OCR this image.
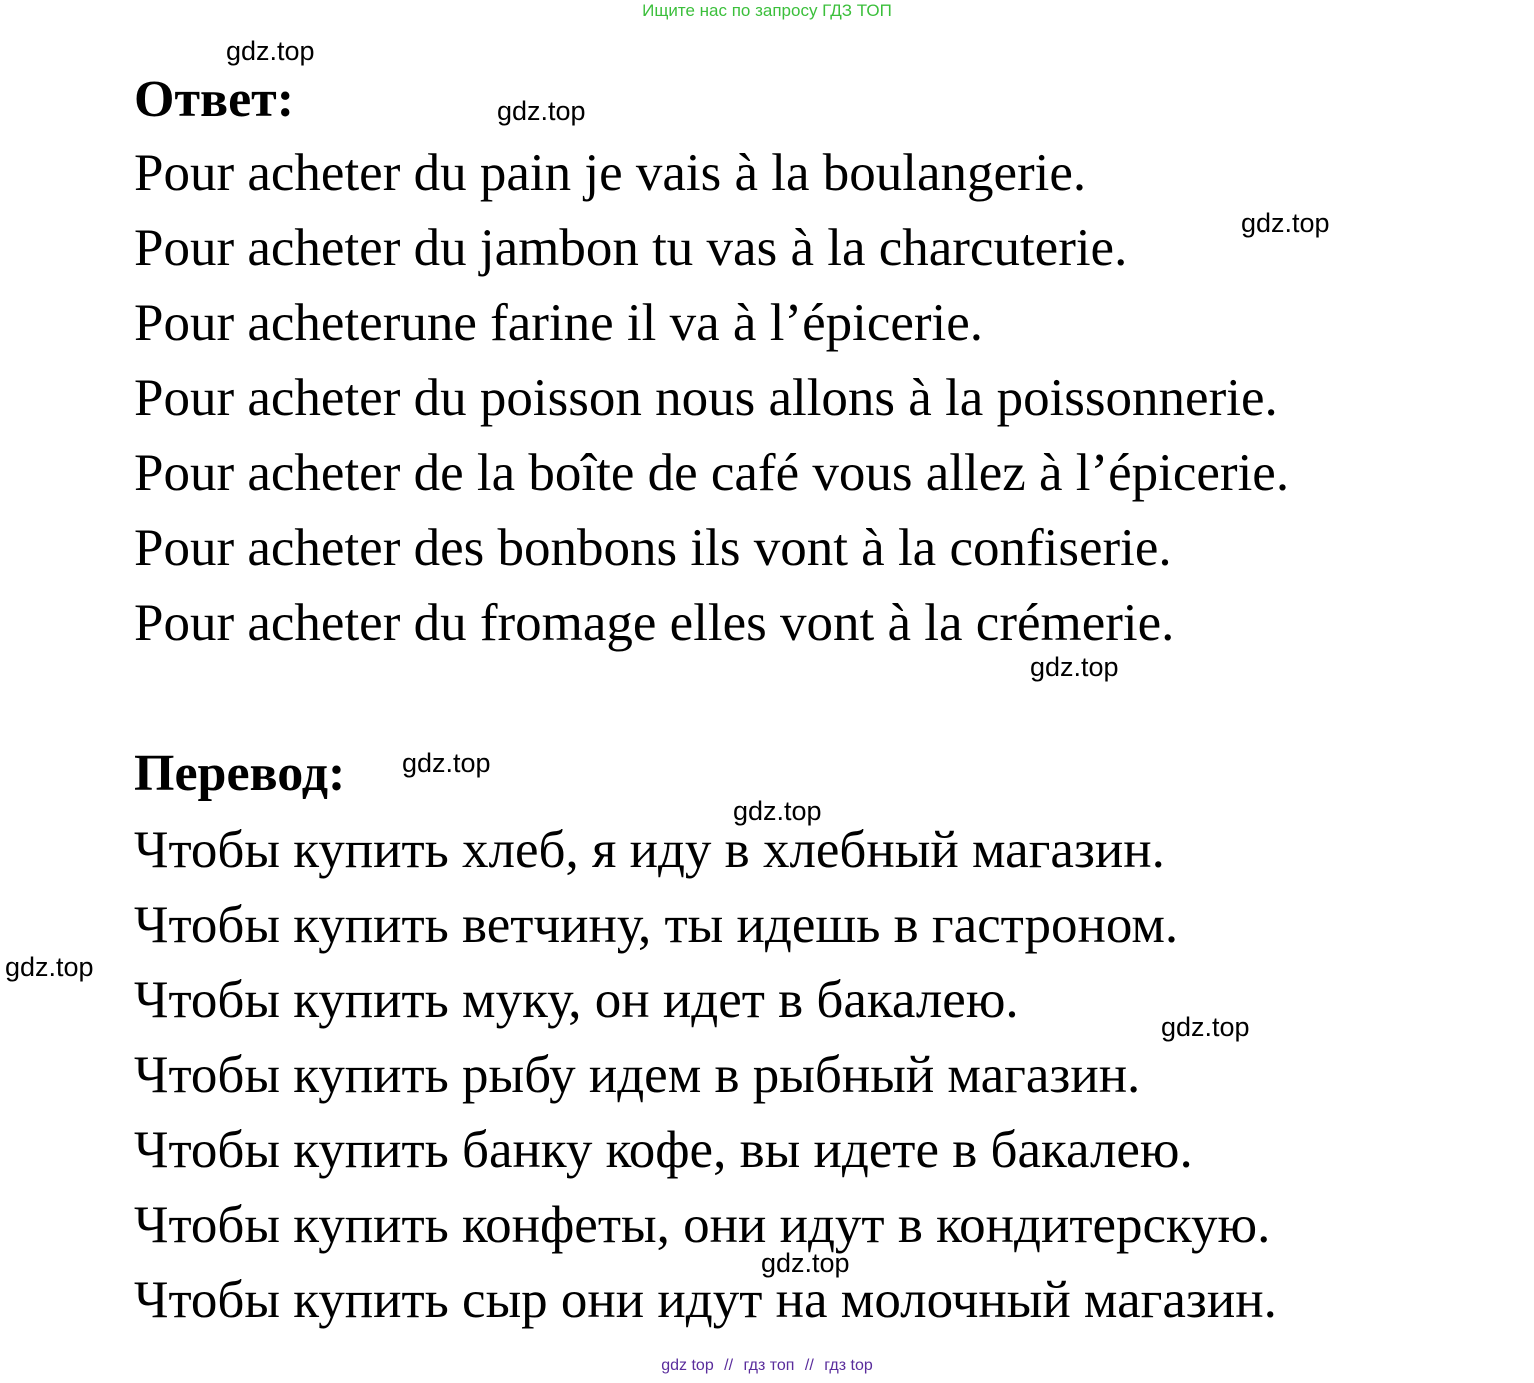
Ищите нас по запросу ГДЗ ТОП
gdz.top
gdz.top
gdz.top
gdz.top
gdz.top
gdz.top
gdz.top
gdz.top
gdz.top
Ответ:

Pour acheter du pain je vais à la boulangerie.

Pour acheter du jambon tu vas à la charcuterie.

Pour acheterune farine il va à l’épicerie.

Pour acheter du poisson nous allons à la poissonnerie.

Pour acheter de la boîte de café vous allez à l’épicerie.

Pour acheter des bonbons ils vont à la confiserie.

Pour acheter du fromage elles vont à la crémerie.

Перевод:

Чтобы купить хлеб, я иду в хлебный магазин.

Чтобы купить ветчину, ты идешь в гастроном.

Чтобы купить муку, он идет в бакалею.

Чтобы купить рыбу идем в рыбный магазин.

Чтобы купить банку кофе, вы идете в бакалею.

Чтобы купить конфеты, они идут в кондитерскую.

Чтобы купить сыр они идут на молочный магазин.

gdz top // гдз топ // гдз top
